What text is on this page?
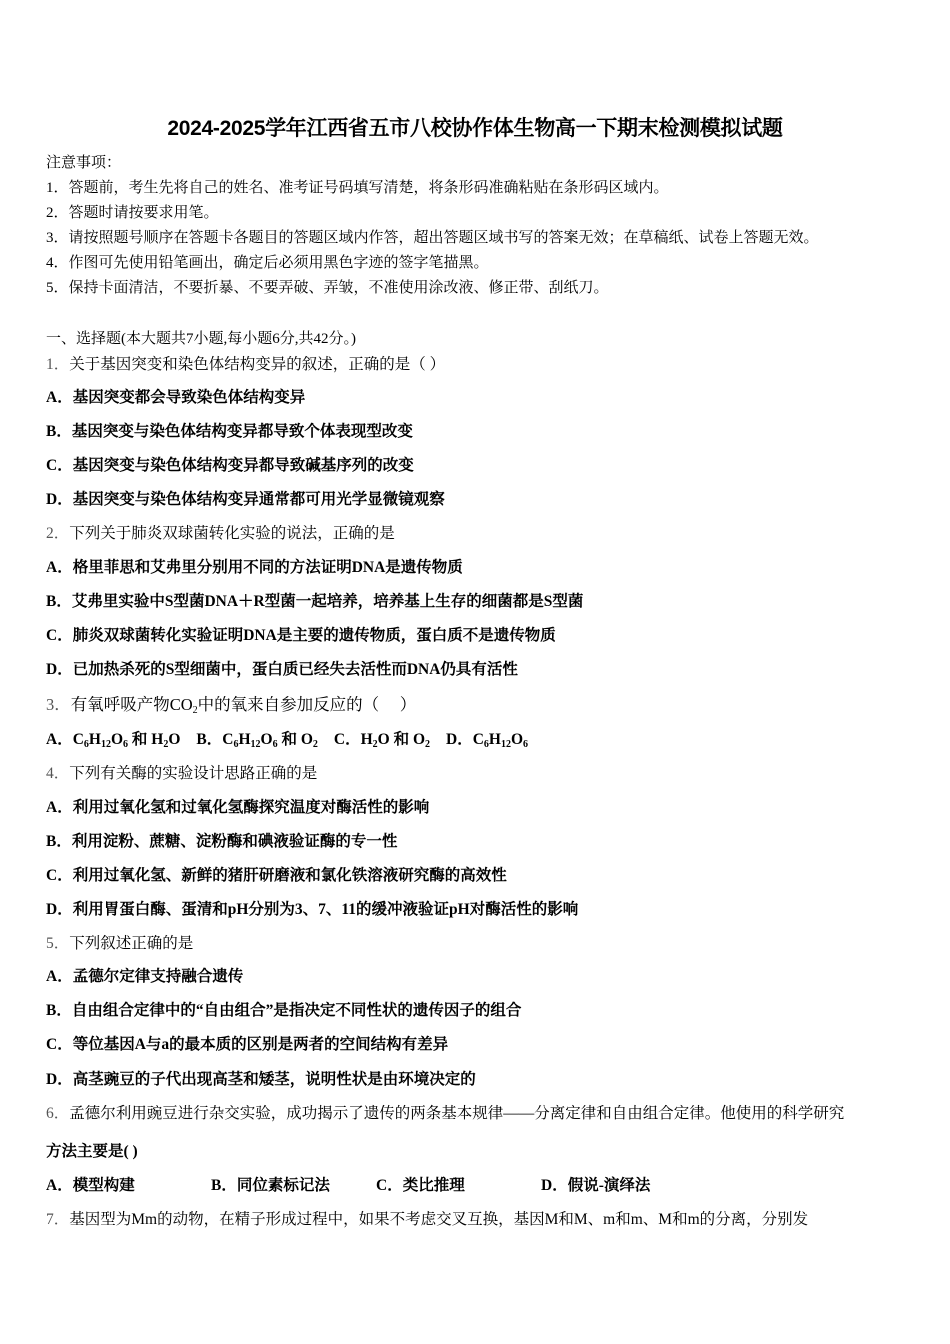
2024-2025学年江西省五市八校协作体生物高一下期末检测模拟试题
注意事项：
1．答题前，考生先将自己的姓名、准考证号码填写清楚，将条形码准确粘贴在条形码区域内。
2．答题时请按要求用笔。
3．请按照题号顺序在答题卡各题目的答题区域内作答，超出答题区域书写的答案无效；在草稿纸、试卷上答题无效。
4．作图可先使用铅笔画出，确定后必须用黑色字迹的签字笔描黑。
5．保持卡面清洁，不要折暴、不要弄破、弄皱，不准使用涂改液、修正带、刮纸刀。
一、选择题(本大题共7小题,每小题6分,共42分。)
1．关于基因突变和染色体结构变异的叙述，正确的是（ ）
A．基因突变都会导致染色体结构变异
B．基因突变与染色体结构变异都导致个体表现型改变
C．基因突变与染色体结构变异都导致碱基序列的改变
D．基因突变与染色体结构变异通常都可用光学显微镜观察
2．下列关于肺炎双球菌转化实验的说法，正确的是
A．格里菲思和艾弗里分别用不同的方法证明DNA是遗传物质
B．艾弗里实验中S型菌DNA＋R型菌一起培养，培养基上生存的细菌都是S型菌
C．肺炎双球菌转化实验证明DNA是主要的遗传物质，蛋白质不是遗传物质
D．已加热杀死的S型细菌中，蛋白质已经失去活性而DNA仍具有活性
4．下列有关酶的实验设计思路正确的是
A．利用过氧化氢和过氧化氢酶探究温度对酶活性的影响
B．利用淀粉、蔗糖、淀粉酶和碘液验证酶的专一性
C．利用过氧化氢、新鲜的猪肝研磨液和氯化铁溶液研究酶的高效性
D．利用胃蛋白酶、蛋清和pH分别为3、7、11的缓冲液验证pH对酶活性的影响
5．下列叙述正确的是
A．孟德尔定律支持融合遗传
B．自由组合定律中的“自由组合”是指决定不同性状的遗传因子的组合
C．等位基因A与a的最本质的区别是两者的空间结构有差异
D．高茎豌豆的子代出现高茎和矮茎，说明性状是由环境决定的
3．有氧呼吸产物$CO_2$中的氧来自参加反应的（　 ）
A．$C_6H_{12}O_6$ 和 $H_2O$ B．$C_6H_{12}O_6$ 和 $O_2$ C．$H_2O$ 和 $O_2$ D．$C_6H_{12}O_6$
6．孟德尔利用豌豆进行杂交实验，成功揭示了遗传的两条基本规律——分离定律和自由组合定律。他使用的科学研究
方法主要是( )
A．模型构建	B．同位素标记法	C．类比推理	D．假说-演绎法
7．基因型为Mm的动物，在精子形成过程中，如果不考虑交叉互换，基因M和M、m和m、M和m的分离，分别发
